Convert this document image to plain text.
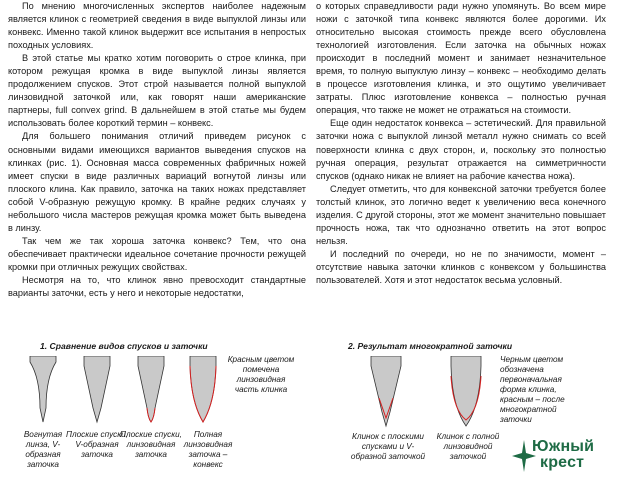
По мнению многочисленных экспертов наиболее надежным является клинок с геометрией сведения в виде выпуклой линзы или конвекс. Именно такой клинок выдержит все испытания в непростых походных условиях.

В этой статье мы кратко хотим поговорить о строе клинка, при котором режущая кромка в виде выпуклой линзы является продолжением спусков. Этот строй называется полной выпуклой линзовидной заточкой или, как говорят наши американские партнеры, full convex grind. В дальнейшем в этой статье мы будем использовать более короткий термин – конвекс.

Для большего понимания отличий приведем рисунок с основными видами имеющихся вариантов выведения спусков на клинках (рис. 1). Основная масса современных фабричных ножей имеет спуски в виде различных вариаций вогнутой линзы или плоского клина. Как правило, заточка на таких ножах представляет собой V-образную режущую кромку. В крайне редких случаях у небольшого числа мастеров режущая кромка может быть выведена в линзу.

Так чем же так хороша заточка конвекс? Тем, что она обеспечивает практически идеальное сочетание прочности режущей кромки при отличных режущих свойствах.

Несмотря на то, что клинок явно превосходит стандартные варианты заточки, есть у него и некоторые недостатки,

о которых справедливости ради нужно упомянуть. Во всем мире ножи с заточкой типа конвекс являются более дорогими. Их относительно высокая стоимость прежде всего обусловлена технологией изготовления. Если заточка на обычных ножах происходит в последний момент и занимает незначительное время, то полную выпуклую линзу – конвекс – необходимо делать в процессе изготовления клинка, и это ощутимо увеличивает затраты. Плюс изготовление конвекса – полностью ручная операция, что также не может не отражаться на стоимости.

Еще один недостаток конвекса – эстетический. Для правильной заточки ножа с выпуклой линзой металл нужно снимать со всей поверхности клинка с двух сторон, и, поскольку это полностью ручная операция, результат отражается на симметричности спусков (однако никак не влияет на рабочие качества ножа).

Следует отметить, что для конвексной заточки требуется более толстый клинок, это логично ведет к увеличению веса конечного изделия. С другой стороны, этот же момент значительно повышает прочность ножа, так что однозначно ответить на этот вопрос нельзя.

И последний по очереди, но не по значимости, момент – отсутствие навыка заточки клинков с конвексом у большинства пользователей. Хотя и этот недостаток весьма условный.

1. Сравнение видов спусков и заточки
Красным цветом помечена линзовидная часть клинка
Вогнутая линза, V-образная заточка
Плоские спуски, V-образная заточка
Плоские спуски, линзовидная заточка
Полная линзовидная заточка – конвекс
2. Результат многократной заточки
Черным цветом обозначена первоначальная форма клинка, красным – после многократной заточки
Клинок с плоскими спусками и V-образной заточкой
Клинок с полной линзовидной заточкой
Южный
крест
